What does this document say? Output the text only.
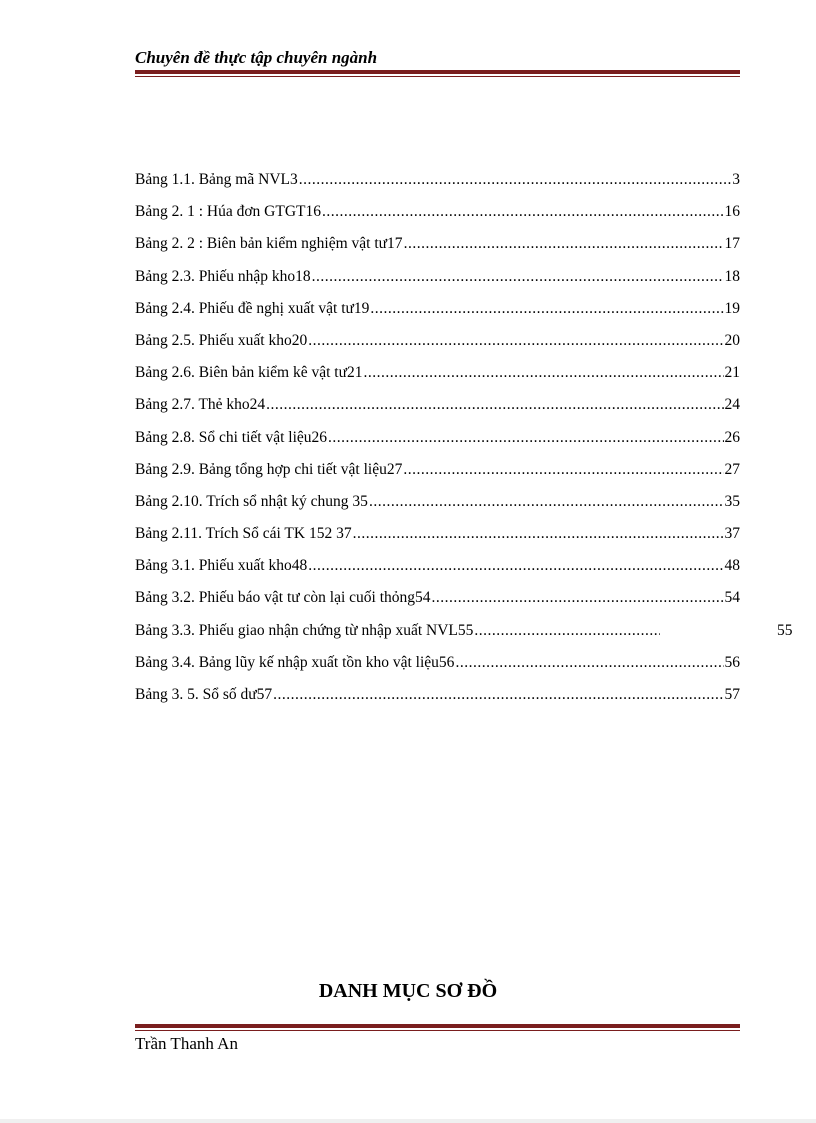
Chuyên đề thực tập chuyên ngành
Bảng 1.1. Bảng mã NVL3 .....	3
Bảng 2. 1 : Húa đơn GTGT16 .....	16
Bảng 2. 2 : Biên bản kiểm nghiệm vật tư17 .....	17
Bảng 2.3. Phiếu nhập kho18 .....	18
Bảng 2.4. Phiếu đề nghị xuất vật tư19 .....	19
Bảng 2.5. Phiếu xuất kho20 .....	20
Bảng 2.6. Biên bản kiểm kê vật tư21 .....	21
Bảng 2.7. Thẻ kho24 .....	24
Bảng 2.8. Sổ chi tiết vật liệu26 .....	26
Bảng 2.9. Bảng tổng hợp chi tiết vật liệu27 .....	27
Bảng 2.10. Trích sổ nhật ký chung 35 .....	35
Bảng 2.11. Trích Sổ cái TK 152 37 .....	37
Bảng 3.1. Phiếu xuất kho48 .....	48
Bảng 3.2. Phiếu báo vật tư còn lại cuối thỏng54 .....	54
Bảng 3.3. Phiếu giao nhận chứng từ nhập xuất NVL55 .....	55
Bảng 3.4. Bảng lũy kế nhập xuất tồn kho vật liệu56 .....	56
Bảng 3. 5. Sổ số dư57 .....	57
DANH MỤC SƠ ĐỒ
Trần Thanh An
